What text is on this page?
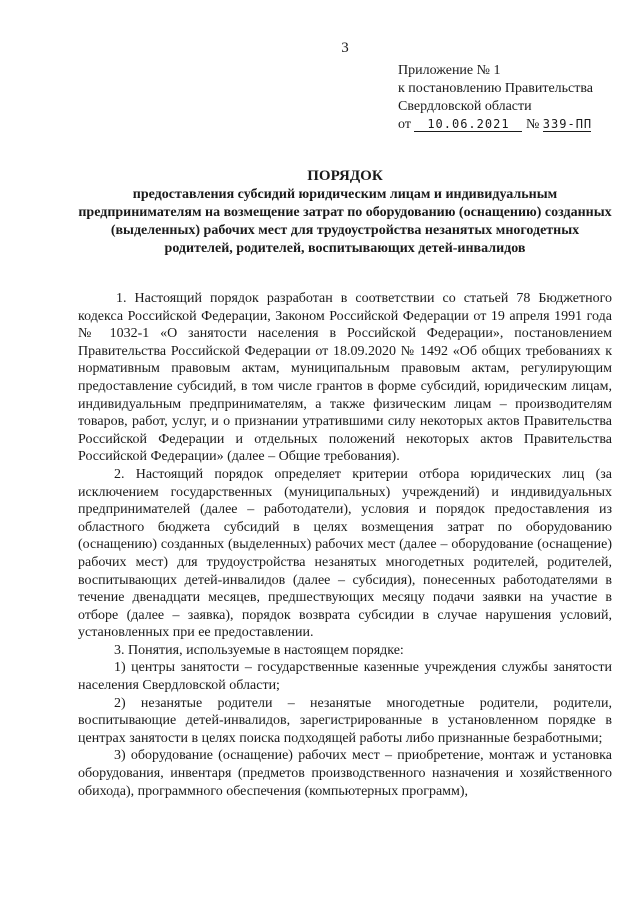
3
Приложение № 1
к постановлению Правительства
Свердловской области
от 10.06.2021 № 339-ПП
ПОРЯДОК
предоставления субсидий юридическим лицам и индивидуальным предпринимателям на возмещение затрат по оборудованию (оснащению) созданных (выделенных) рабочих мест для трудоустройства незанятых многодетных родителей, родителей, воспитывающих детей-инвалидов

1. Настоящий порядок разработан в соответствии со статьей 78 Бюджетного кодекса Российской Федерации, Законом Российской Федерации от 19 апреля 1991 года № 1032-1 «О занятости населения в Российской Федерации», постановлением Правительства Российской Федерации от 18.09.2020 № 1492 «Об общих требованиях к нормативным правовым актам, муниципальным правовым актам, регулирующим предоставление субсидий, в том числе грантов в форме субсидий, юридическим лицам, индивидуальным предпринимателям, а также физическим лицам – производителям товаров, работ, услуг, и о признании утратившими силу некоторых актов Правительства Российской Федерации и отдельных положений некоторых актов Правительства Российской Федерации» (далее – Общие требования).

2. Настоящий порядок определяет критерии отбора юридических лиц (за исключением государственных (муниципальных) учреждений) и индивидуальных предпринимателей (далее – работодатели), условия и порядок предоставления из областного бюджета субсидий в целях возмещения затрат по оборудованию (оснащению) созданных (выделенных) рабочих мест (далее – оборудование (оснащение) рабочих мест) для трудоустройства незанятых многодетных родителей, родителей, воспитывающих детей-инвалидов (далее – субсидия), понесенных работодателями в течение двенадцати месяцев, предшествующих месяцу подачи заявки на участие в отборе (далее – заявка), порядок возврата субсидии в случае нарушения условий, установленных при ее предоставлении.

3. Понятия, используемые в настоящем порядке:

1) центры занятости – государственные казенные учреждения службы занятости населения Свердловской области;

2) незанятые родители – незанятые многодетные родители, родители, воспитывающие детей-инвалидов, зарегистрированные в установленном порядке в центрах занятости в целях поиска подходящей работы либо признанные безработными;

3) оборудование (оснащение) рабочих мест – приобретение, монтаж и установка оборудования, инвентаря (предметов производственного назначения и хозяйственного обихода), программного обеспечения (компьютерных программ),
